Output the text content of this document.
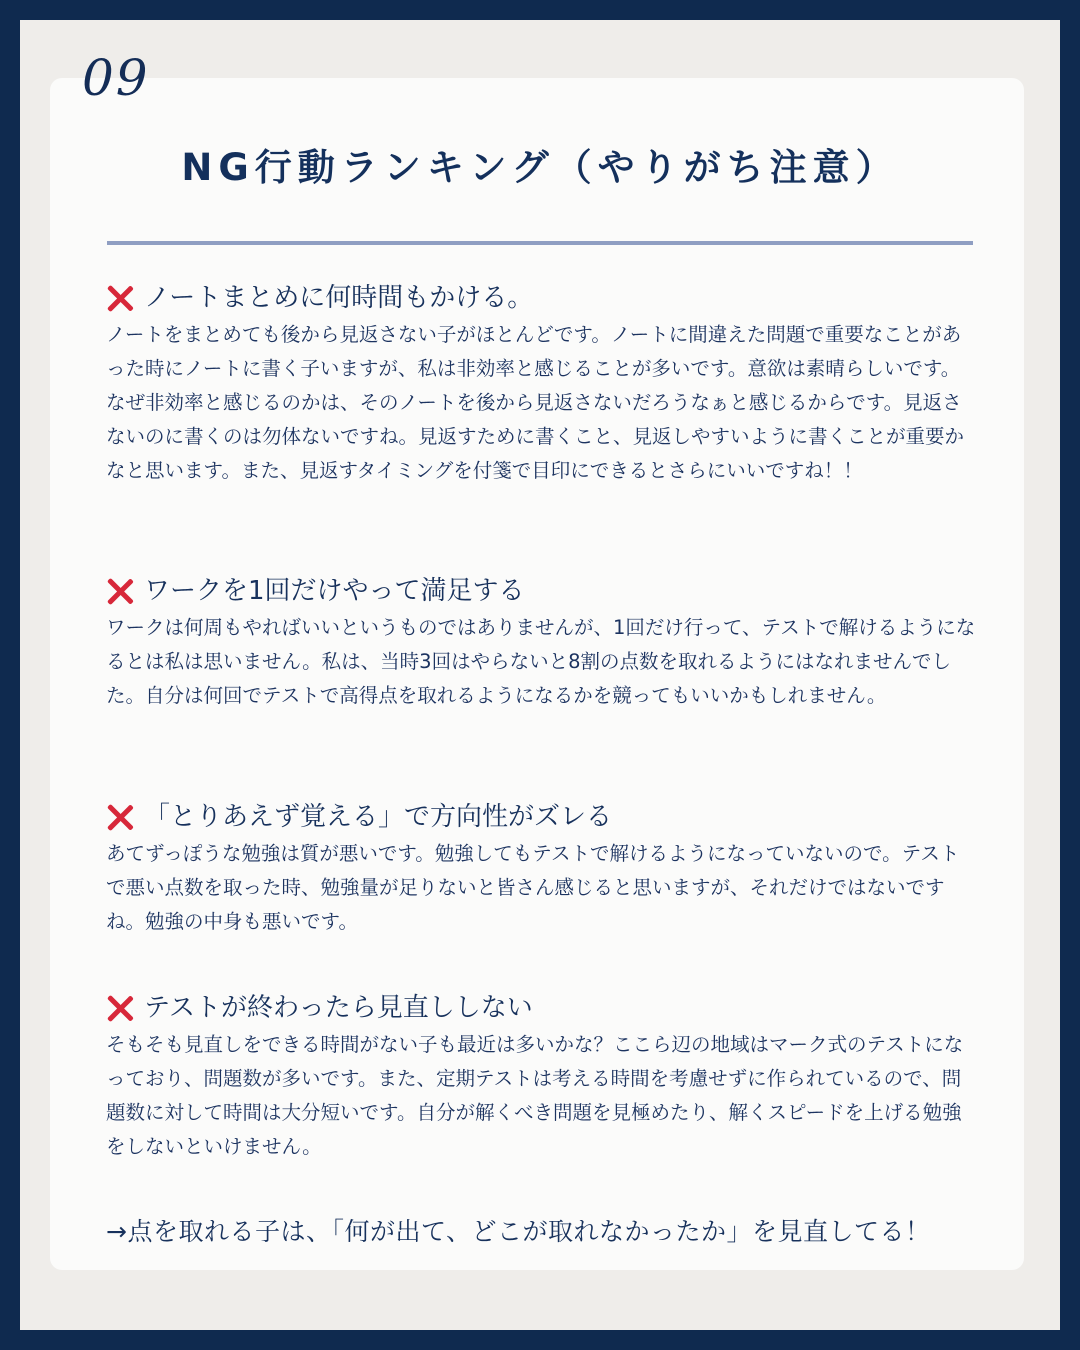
09
NG行動ランキング（やりがち注意）
ノートまとめに何時間もかける。
ノートをまとめても後から見返さない子がほとんどです。ノートに間違えた問題で重要なことがあった時にノートに書く子いますが、私は非効率と感じることが多いです。意欲は素晴らしいです。なぜ非効率と感じるのかは、そのノートを後から見返さないだろうなぁと感じるからです。見返さないのに書くのは勿体ないですね。見返すために書くこと、見返しやすいように書くことが重要かなと思います。また、見返すタイミングを付箋で目印にできるとさらにいいですね！！
ワークを1回だけやって満足する
ワークは何周もやればいいというものではありませんが、1回だけ行って、テストで解けるようになるとは私は思いません。私は、当時3回はやらないと8割の点数を取れるようにはなれませんでした。自分は何回でテストで高得点を取れるようになるかを競ってもいいかもしれません。
「とりあえず覚える」で方向性がズレる
あてずっぽうな勉強は質が悪いです。勉強してもテストで解けるようになっていないので。テストで悪い点数を取った時、勉強量が足りないと皆さん感じると思いますが、それだけではないですね。勉強の中身も悪いです。
テストが終わったら見直ししない
そもそも見直しをできる時間がない子も最近は多いかな？ここら辺の地域はマーク式のテストになっており、問題数が多いです。また、定期テストは考える時間を考慮せずに作られているので、問題数に対して時間は大分短いです。自分が解くべき問題を見極めたり、解くスピードを上げる勉強をしないといけません。
→点を取れる子は、「何が出て、どこが取れなかったか」を見直してる！
